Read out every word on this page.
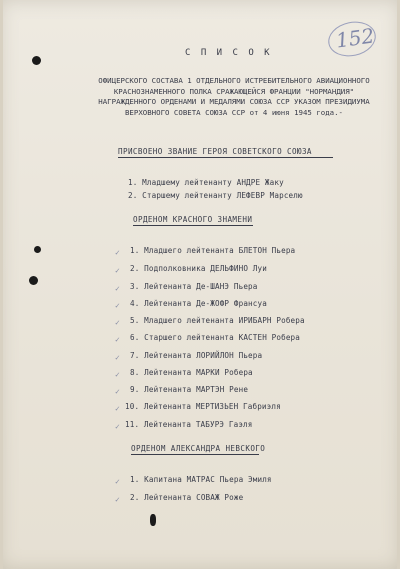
152
С П И С О К
ОФИЦЕРСКОГО СОСТАВА 1 ОТДЕЛЬНОГО ИСТРЕБИТЕЛЬНОГО АВИАЦИОННОГО КРАСНОЗНАМЕННОГО ПОЛКА СРАЖАЮЩЕЙСЯ ФРАНЦИИ "НОРМАНДИЯ" НАГРАЖДЕННОГО ОРДЕНАМИ И МЕДАЛЯМИ СОЮЗА ССР УКАЗОМ ПРЕЗИДИУМА ВЕРХОВНОГО СОВЕТА СОЮЗА ССР от 4 июня 1945 года.-
ПРИСВОЕНО ЗВАНИЕ ГЕРОЯ СОВЕТСКОГО СОЮЗА
1. Младшему лейтенанту АНДРЕ Жаку
2. Старшему лейтенанту ЛЕФЕВР Марселю
ОРДЕНОМ КРАСНОГО ЗНАМЕНИ
✓ 1. Младшего лейтенанта БЛЕТОН Пьера
✓ 2. Подполковника ДЕЛЬФИНО Луи
✓ 3. Лейтенанта Де-ШАНЭ Пьера
✓ 4. Лейтенанта Де-ЖОФР Франсуа
✓ 5. Младшего лейтенанта ИРИБАРН Робера
✓ 6. Старшего лейтенанта КАСТЕН Робера
✓ 7. Лейтенанта ЛОРИЙЛОН Пьера
✓ 8. Лейтенанта МАРКИ Робера
✓ 9. Лейтенанта МАРТЭН Рене
✓ 10. Лейтенанта МЕРТИЗЬЕН Габриэля
✓ 11. Лейтенанта ТАБУРЭ Гаэля
ОРДЕНОМ АЛЕКСАНДРА НЕВСКОГО
✓ 1. Капитана МАТРАС Пьера Эмиля
✓ 2. Лейтенанта СОВАЖ Роже
